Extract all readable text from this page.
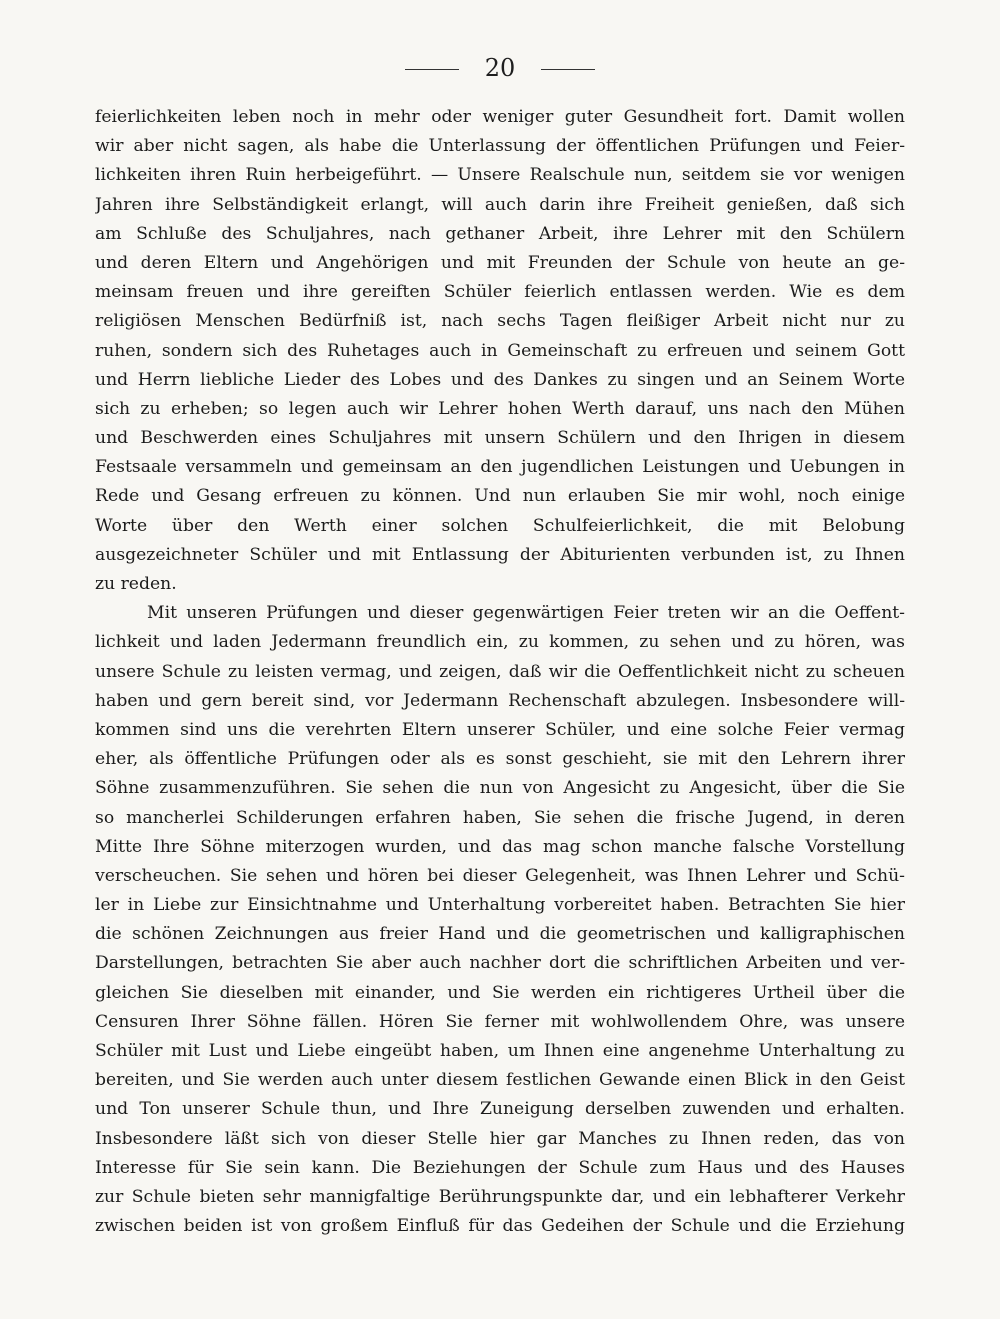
20
feierlichkeiten leben noch in mehr oder weniger guter Gesundheit fort. Damit wollen
wir aber nicht sagen, als habe die Unterlassung der öffentlichen Prüfungen und Feier-
lichkeiten ihren Ruin herbeigeführt. — Unsere Realschule nun, seitdem sie vor wenigen
Jahren ihre Selbständigkeit erlangt, will auch darin ihre Freiheit genießen, daß sich
am Schluße des Schuljahres, nach gethaner Arbeit, ihre Lehrer mit den Schülern
und deren Eltern und Angehörigen und mit Freunden der Schule von heute an ge-
meinsam freuen und ihre gereiften Schüler feierlich entlassen werden. Wie es dem
religiösen Menschen Bedürfniß ist, nach sechs Tagen fleißiger Arbeit nicht nur zu
ruhen, sondern sich des Ruhetages auch in Gemeinschaft zu erfreuen und seinem Gott
und Herrn liebliche Lieder des Lobes und des Dankes zu singen und an Seinem Worte
sich zu erheben; so legen auch wir Lehrer hohen Werth darauf, uns nach den Mühen
und Beschwerden eines Schuljahres mit unsern Schülern und den Ihrigen in diesem
Festsaale versammeln und gemeinsam an den jugendlichen Leistungen und Uebungen in
Rede und Gesang erfreuen zu können. Und nun erlauben Sie mir wohl, noch einige
Worte über den Werth einer solchen Schulfeierlichkeit, die mit Belobung
ausgezeichneter Schüler und mit Entlassung der Abiturienten verbunden ist, zu Ihnen
zu reden.
Mit unseren Prüfungen und dieser gegenwärtigen Feier treten wir an die Oeffent-
lichkeit und laden Jedermann freundlich ein, zu kommen, zu sehen und zu hören, was
unsere Schule zu leisten vermag, und zeigen, daß wir die Oeffentlichkeit nicht zu scheuen
haben und gern bereit sind, vor Jedermann Rechenschaft abzulegen. Insbesondere will-
kommen sind uns die verehrten Eltern unserer Schüler, und eine solche Feier vermag
eher, als öffentliche Prüfungen oder als es sonst geschieht, sie mit den Lehrern ihrer
Söhne zusammenzuführen. Sie sehen die nun von Angesicht zu Angesicht, über die Sie
so mancherlei Schilderungen erfahren haben, Sie sehen die frische Jugend, in deren
Mitte Ihre Söhne miterzogen wurden, und das mag schon manche falsche Vorstellung
verscheuchen. Sie sehen und hören bei dieser Gelegenheit, was Ihnen Lehrer und Schü-
ler in Liebe zur Einsichtnahme und Unterhaltung vorbereitet haben. Betrachten Sie hier
die schönen Zeichnungen aus freier Hand und die geometrischen und kalligraphischen
Darstellungen, betrachten Sie aber auch nachher dort die schriftlichen Arbeiten und ver-
gleichen Sie dieselben mit einander, und Sie werden ein richtigeres Urtheil über die
Censuren Ihrer Söhne fällen. Hören Sie ferner mit wohlwollendem Ohre, was unsere
Schüler mit Lust und Liebe eingeübt haben, um Ihnen eine angenehme Unterhaltung zu
bereiten, und Sie werden auch unter diesem festlichen Gewande einen Blick in den Geist
und Ton unserer Schule thun, und Ihre Zuneigung derselben zuwenden und erhalten.
Insbesondere läßt sich von dieser Stelle hier gar Manches zu Ihnen reden, das von
Interesse für Sie sein kann. Die Beziehungen der Schule zum Haus und des Hauses
zur Schule bieten sehr mannigfaltige Berührungspunkte dar, und ein lebhafterer Verkehr
zwischen beiden ist von großem Einfluß für das Gedeihen der Schule und die Erziehung
